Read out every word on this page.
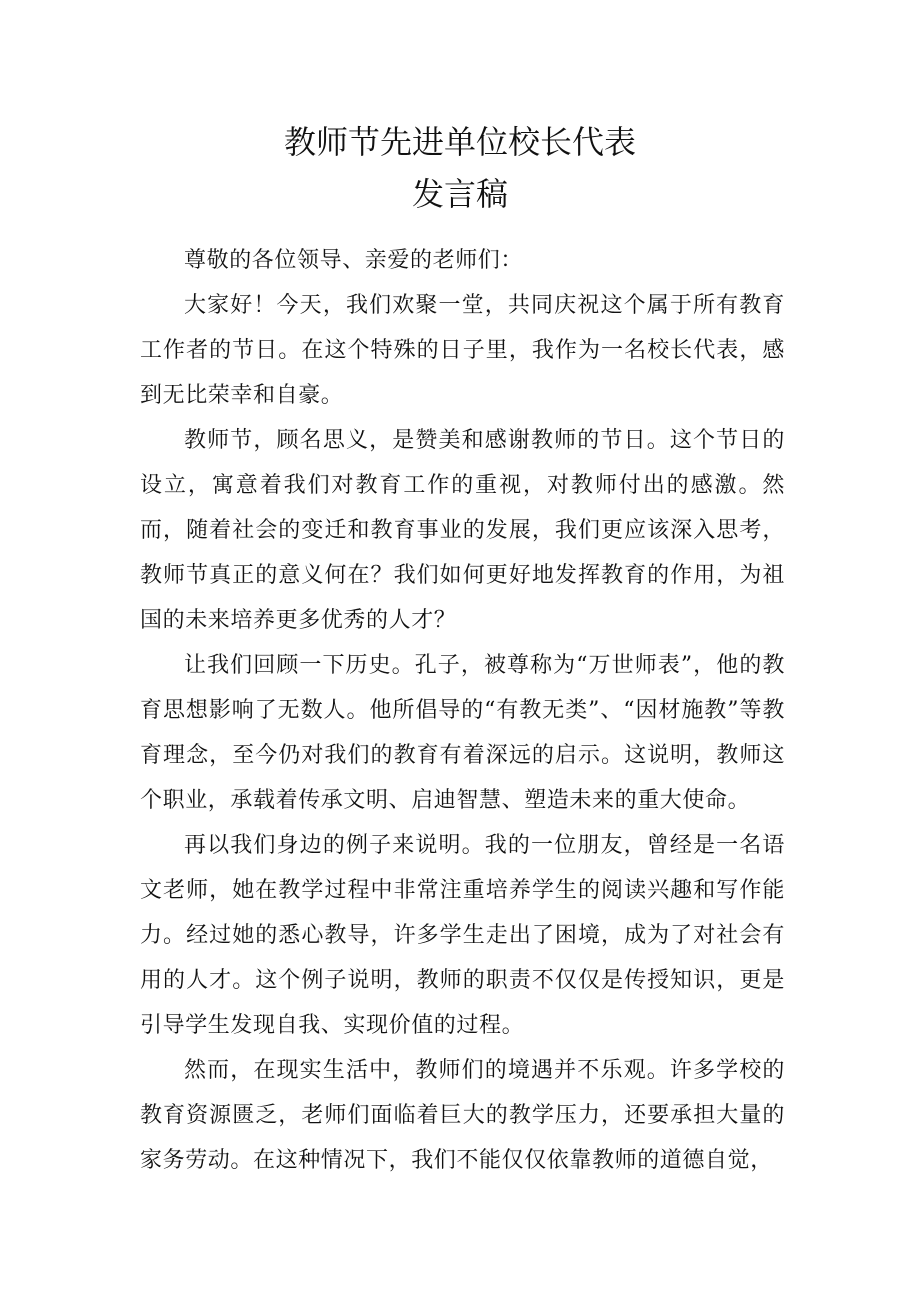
教师节先进单位校长代表
发言稿

尊敬的各位领导、亲爱的老师们：

大家好！今天，我们欢聚一堂，共同庆祝这个属于所有教育工作者的节日。在这个特殊的日子里，我作为一名校长代表，感到无比荣幸和自豪。

教师节，顾名思义，是赞美和感谢教师的节日。这个节日的设立，寓意着我们对教育工作的重视，对教师付出的感激。然而，随着社会的变迁和教育事业的发展，我们更应该深入思考，教师节真正的意义何在？我们如何更好地发挥教育的作用，为祖国的未来培养更多优秀的人才？

让我们回顾一下历史。孔子，被尊称为“万世师表”，他的教育思想影响了无数人。他所倡导的“有教无类”、“因材施教”等教育理念，至今仍对我们的教育有着深远的启示。这说明，教师这个职业，承载着传承文明、启迪智慧、塑造未来的重大使命。

再以我们身边的例子来说明。我的一位朋友，曾经是一名语文老师，她在教学过程中非常注重培养学生的阅读兴趣和写作能力。经过她的悉心教导，许多学生走出了困境，成为了对社会有用的人才。这个例子说明，教师的职责不仅仅是传授知识，更是引导学生发现自我、实现价值的过程。

然而，在现实生活中，教师们的境遇并不乐观。许多学校的教育资源匮乏，老师们面临着巨大的教学压力，还要承担大量的家务劳动。在这种情况下，我们不能仅仅依靠教师的道德自觉，
